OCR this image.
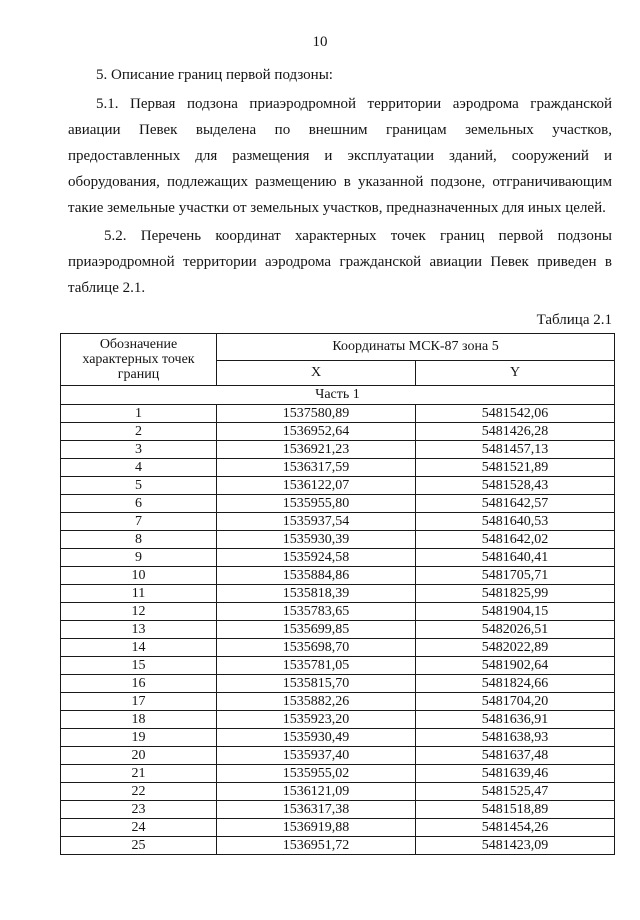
10
5. Описание границ первой подзоны:
5.1. Первая подзона приаэродромной территории аэродрома гражданской
авиации Певек выделена по внешним границам земельных участков,
предоставленных для размещения и эксплуатации зданий, сооружений и
оборудования, подлежащих размещению в указанной подзоне, отграничивающим
такие земельные участки от земельных участков, предназначенных для иных целей.
5.2. Перечень координат характерных точек границ первой подзоны
приаэродромной территории аэродрома гражданской авиации Певек приведен в
таблице 2.1.
Таблица 2.1
Обозначение
характерных точек
границ	Координаты МСК-87 зона 5	
	X	Y
Часть 1		
1	1537580,89	5481542,06
2	1536952,64	5481426,28
3	1536921,23	5481457,13
4	1536317,59	5481521,89
5	1536122,07	5481528,43
6	1535955,80	5481642,57
7	1535937,54	5481640,53
8	1535930,39	5481642,02
9	1535924,58	5481640,41
10	1535884,86	5481705,71
11	1535818,39	5481825,99
12	1535783,65	5481904,15
13	1535699,85	5482026,51
14	1535698,70	5482022,89
15	1535781,05	5481902,64
16	1535815,70	5481824,66
17	1535882,26	5481704,20
18	1535923,20	5481636,91
19	1535930,49	5481638,93
20	1535937,40	5481637,48
21	1535955,02	5481639,46
22	1536121,09	5481525,47
23	1536317,38	5481518,89
24	1536919,88	5481454,26
25	1536951,72	5481423,09
